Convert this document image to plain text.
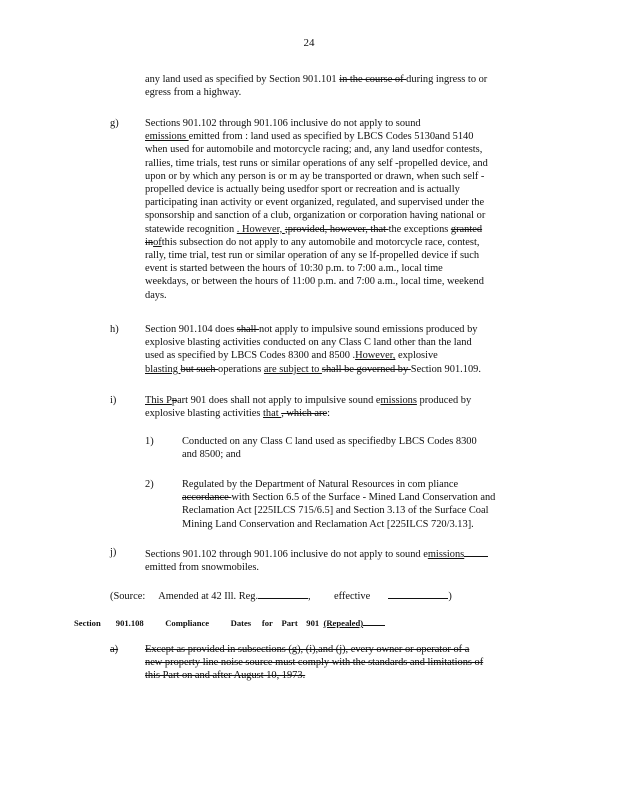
24
any land used as specified by Section 901.101 in the course of during ingress to or
egress from a highway.
g)	Sections 901.102 through 901.106 inclusive do not apply to sound
emissions emitted from : land used as specified by LBCS Codes 5130and 5140
when used for automobile and motorcycle racing; and, any land usedfor contests,
rallies, time trials, test runs or similar operations of any self -propelled device, and
upon or by which any person is or m ay be transported or drawn, when such self -
propelled device is actually being usedfor sport or recreation and is actually
participating inan activity or event organized, regulated, and supervised under the
sponsorship and sanction of a club, organization or corporation having national or
statewide recognition . However, ;provided, however, that the exceptions granted
inofthis subsection do not apply to any automobile and motorcycle race, contest,
rally, time trial, test run or similar operation of any se lf-propelled device if such
event is started between the hours of 10:30 p.m. to 7:00 a.m., local time
weekdays, or between the hours of 11:00 p.m. and 7:00 a.m., local time, weekend
days.
h)	Section 901.104 does shall not apply to impulsive sound emissions produced by
explosive blasting activities conducted on any Class C land other than the land
used as specified by LBCS Codes 8300 and 8500 .However, explosive
blasting but such operations are subject to shall be governed by Section 901.109.
i)	This Ppart 901 does shall not apply to impulsive sound emissions produced by
explosive blasting activities that , which are:
1)	Conducted on any Class C land used as specifiedby LBCS Codes 8300
and 8500; and
2)	Regulated by the Department of Natural Resources in com pliance
accordance with Section 6.5 of the Surface - Mined Land Conservation and
Reclamation Act [225ILCS 715/6.5] and Section 3.13 of the Surface Coal
Mining Land Conservation and Reclamation Act [225ILCS 720/3.13].
j)	Sections 901.102 through 901.106 inclusive do not apply to sound emissions
emitted from snowmobiles.
(Source: Amended at 42 Ill. Reg.	, effective	)
Section 901.108 Compliance Dates for Part 901 (Repealed)
a)	Except as provided in subsections (g), (i),and (j), every owner or operator of a
new property line noise source must comply with the standards and limitations of
this Part on and after August 10, 1973.
